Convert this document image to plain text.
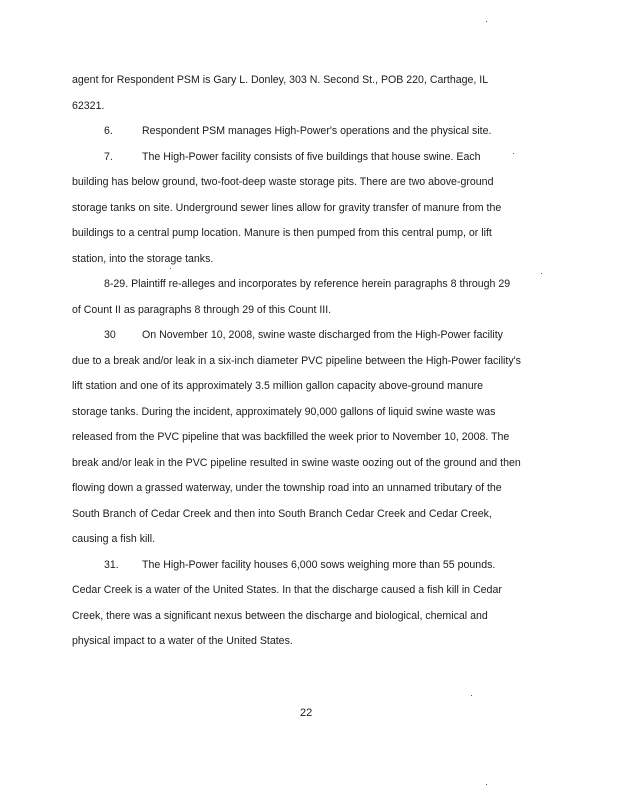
agent for Respondent PSM is Gary L. Donley, 303 N. Second St., POB 220, Carthage, IL

62321.

6.	Respondent PSM manages High-Power's operations and the physical site.
7.	The High-Power facility consists of five buildings that house swine. Each

building has below ground, two-foot-deep waste storage pits. There are two above-ground

storage tanks on site. Underground sewer lines allow for gravity transfer of manure from the

buildings to a central pump location. Manure is then pumped from this central pump, or lift

station, into the storage tanks.

8-29. Plaintiff re-alleges and incorporates by reference herein paragraphs 8 through 29

of Count II as paragraphs 8 through 29 of this Count III.

30 On November 10, 2008, swine waste discharged from the High-Power facility

due to a break and/or leak in a six-inch diameter PVC pipeline between the High-Power facility's

lift station and one of its approximately 3.5 million gallon capacity above-ground manure

storage tanks. During the incident, approximately 90,000 gallons of liquid swine waste was

released from the PVC pipeline that was backfilled the week prior to November 10, 2008. The

break and/or leak in the PVC pipeline resulted in swine waste oozing out of the ground and then

flowing down a grassed waterway, under the township road into an unnamed tributary of the

South Branch of Cedar Creek and then into South Branch Cedar Creek and Cedar Creek,

causing a fish kill.

31. The High-Power facility houses 6,000 sows weighing more than 55 pounds.

Cedar Creek is a water of the United States. In that the discharge caused a fish kill in Cedar

Creek, there was a significant nexus between the discharge and biological, chemical and

physical impact to a water of the United States.

22
